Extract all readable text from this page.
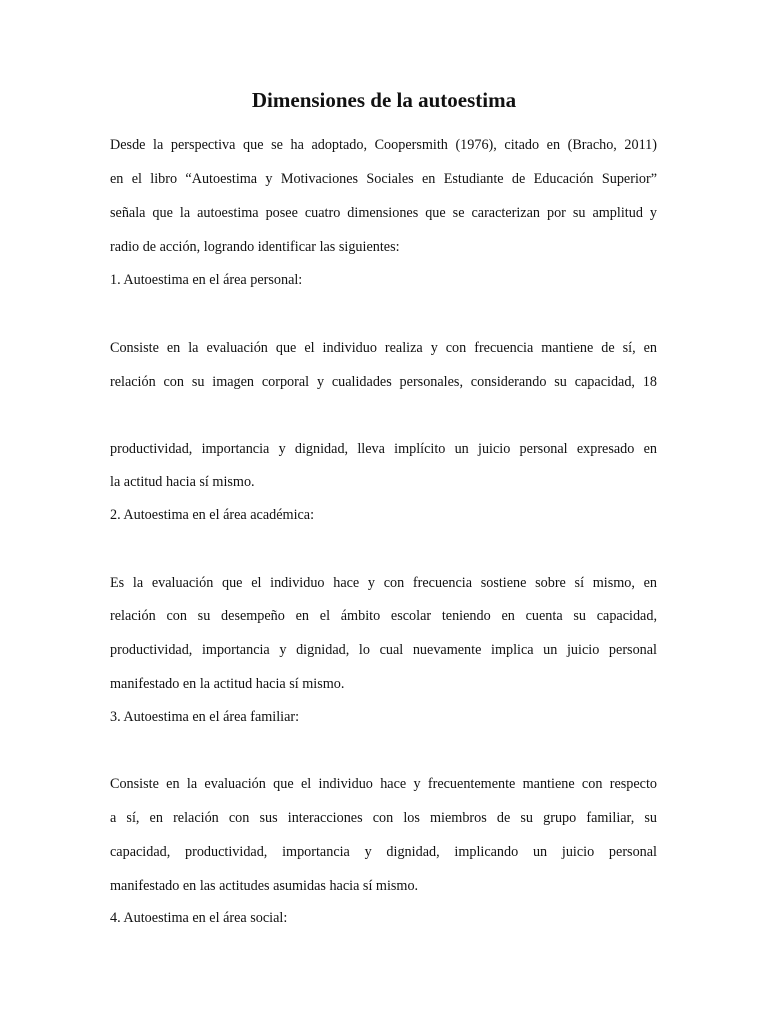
Dimensiones de la autoestima

Desde la perspectiva que se ha adoptado, Coopersmith (1976), citado en (Bracho, 2011)

en el libro “Autoestima y Motivaciones Sociales en Estudiante de Educación Superior”

señala que la autoestima posee cuatro dimensiones que se caracterizan por su amplitud y

radio de acción, logrando identificar las siguientes:

1. Autoestima en el área personal:

Consiste en la evaluación que el individuo realiza y con frecuencia mantiene de sí, en

relación con su imagen corporal y cualidades personales, considerando su capacidad, 18

productividad, importancia y dignidad, lleva implícito un juicio personal expresado en

la actitud hacia sí mismo.

2. Autoestima en el área académica:

Es la evaluación que el individuo hace y con frecuencia sostiene sobre sí mismo, en

relación con su desempeño en el ámbito escolar teniendo en cuenta su capacidad,

productividad, importancia y dignidad, lo cual nuevamente implica un juicio personal

manifestado en la actitud hacia sí mismo.

3. Autoestima en el área familiar:

Consiste en la evaluación que el individuo hace y frecuentemente mantiene con respecto

a sí, en relación con sus interacciones con los miembros de su grupo familiar, su

capacidad, productividad, importancia y dignidad, implicando un juicio personal

manifestado en las actitudes asumidas hacia sí mismo.

4. Autoestima en el área social:
